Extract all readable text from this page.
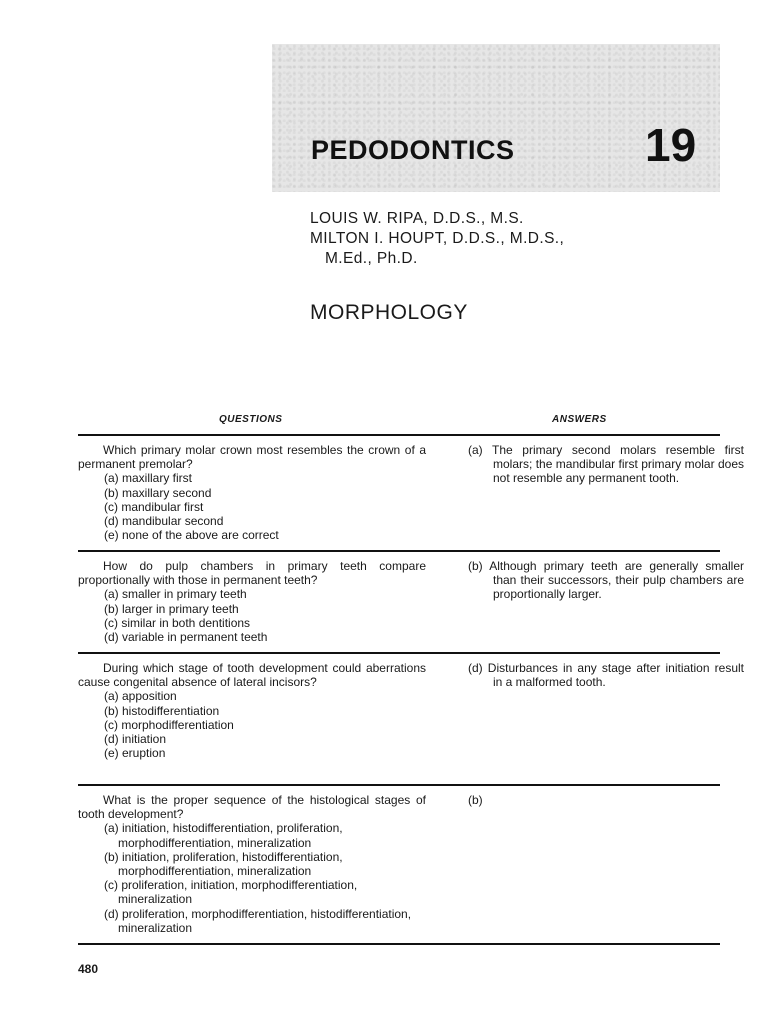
PEDODONTICS	19
LOUIS W. RIPA, D.D.S., M.S.
MILTON I. HOUPT, D.D.S., M.D.S.,
M.Ed., Ph.D.
MORPHOLOGY
QUESTIONS	ANSWERS
Which primary molar crown most resembles the crown of a permanent premolar?
(a) maxillary first
(b) maxillary second
(c) mandibular first
(d) mandibular second
(e) none of the above are correct
(a) The primary second molars resemble first molars; the mandibular first primary molar does not resemble any permanent tooth.
How do pulp chambers in primary teeth compare proportionally with those in permanent teeth?
(a) smaller in primary teeth
(b) larger in primary teeth
(c) similar in both dentitions
(d) variable in permanent teeth
(b) Although primary teeth are generally smaller than their successors, their pulp chambers are proportionally larger.
During which stage of tooth development could aberrations cause congenital absence of lateral incisors?
(a) apposition
(b) histodifferentiation
(c) morphodifferentiation
(d) initiation
(e) eruption
(d) Disturbances in any stage after initiation result in a malformed tooth.
What is the proper sequence of the histological stages of tooth development?
(a) initiation, histodifferentiation, proliferation, morphodifferentiation, mineralization
(b) initiation, proliferation, histodifferentiation, morphodifferentiation, mineralization
(c) proliferation, initiation, morphodifferentiation, mineralization
(d) proliferation, morphodifferentiation, histodifferentiation, mineralization
(b)
480
